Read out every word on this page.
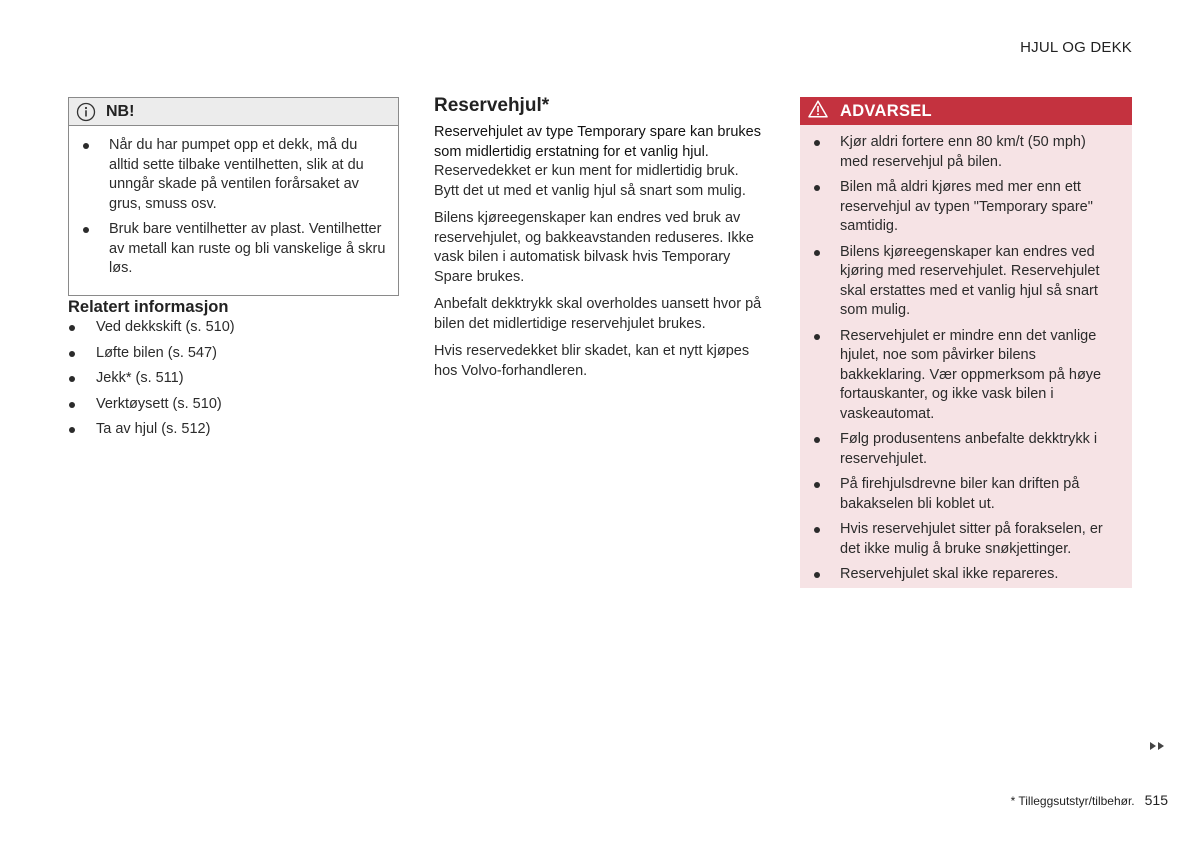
HJUL OG DEKK
NB!
Når du har pumpet opp et dekk, må du alltid sette tilbake ventilhetten, slik at du unngår skade på ventilen forårsaket av grus, smuss osv.
Bruk bare ventilhetter av plast. Ventilhetter av metall kan ruste og bli vanskelige å skru løs.
Relatert informasjon
Ved dekkskift (s. 510)
Løfte bilen (s. 547)
Jekk* (s. 511)
Verktøysett (s. 510)
Ta av hjul (s. 512)
Reservehjul*

Reservehjulet av type Temporary spare kan brukes som midlertidig erstatning for et vanlig hjul.

Reservedekket er kun ment for midlertidig bruk. Bytt det ut med et vanlig hjul så snart som mulig.

Bilens kjøreegenskaper kan endres ved bruk av reservehjulet, og bakkeavstanden reduseres. Ikke vask bilen i automatisk bilvask hvis Temporary Spare brukes.

Anbefalt dekktrykk skal overholdes uansett hvor på bilen det midlertidige reservehjulet brukes.

Hvis reservedekket blir skadet, kan et nytt kjøpes hos Volvo-forhandleren.

ADVARSEL
Kjør aldri fortere enn 80 km/t (50 mph) med reservehjul på bilen.
Bilen må aldri kjøres med mer enn ett reservehjul av typen "Temporary spare" samtidig.
Bilens kjøreegenskaper kan endres ved kjøring med reservehjulet. Reservehjulet skal erstattes med et vanlig hjul så snart som mulig.
Reservehjulet er mindre enn det vanlige hjulet, noe som påvirker bilens bakkeklaring. Vær oppmerksom på høye fortauskanter, og ikke vask bilen i vaskeautomat.
Følg produsentens anbefalte dekktrykk i reservehjulet.
På firehjulsdrevne biler kan driften på bakakselen bli koblet ut.
Hvis reservehjulet sitter på forakselen, er det ikke mulig å bruke snøkjettinger.
Reservehjulet skal ikke repareres.
* Tilleggsutstyr/tilbehør. 515
